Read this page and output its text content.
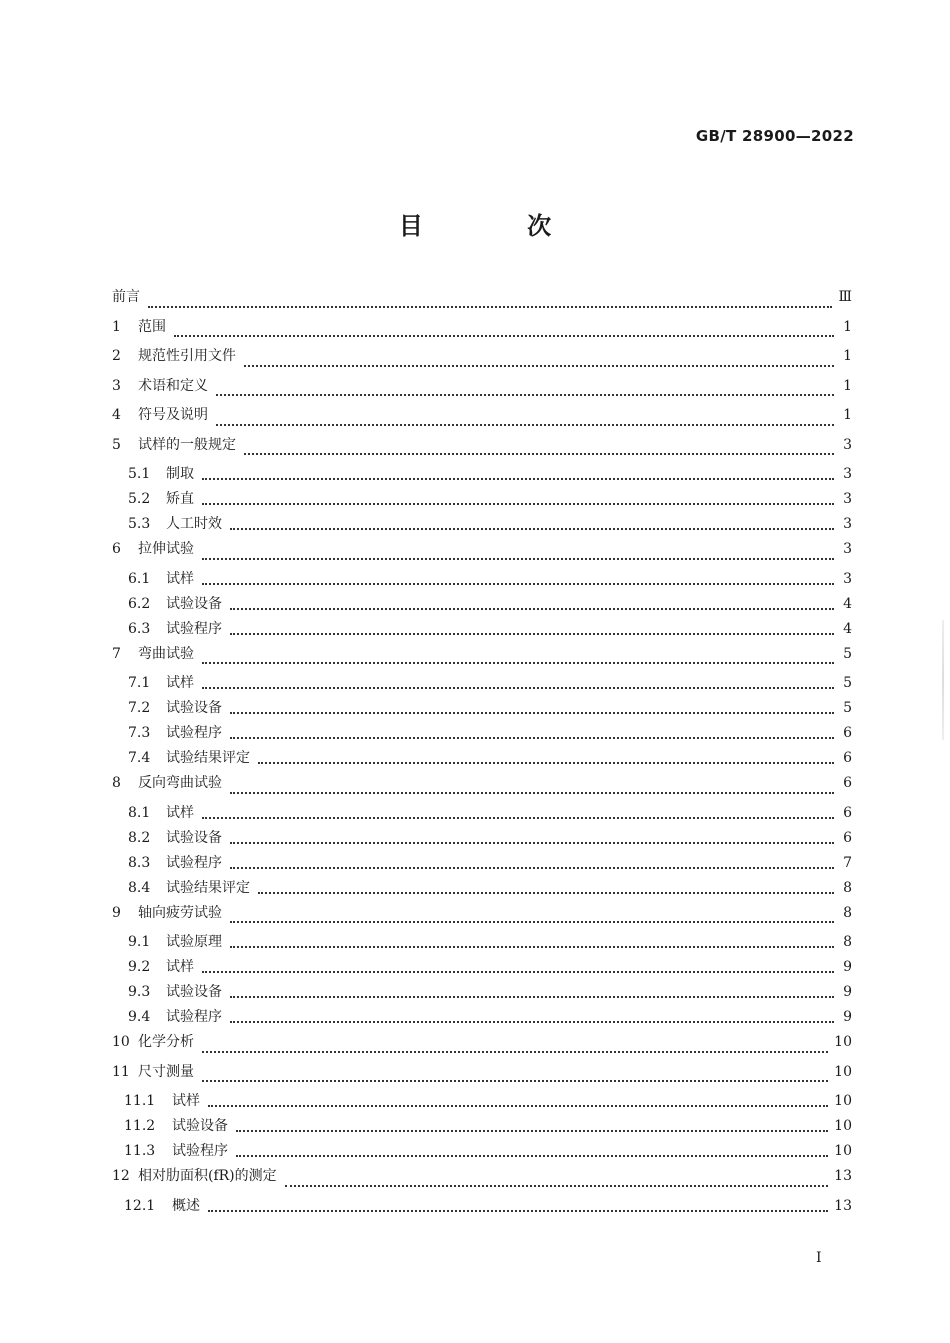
GB/T 28900—2022
目 次
前言	Ⅲ
1	范围	1
2	规范性引用文件	1
3	术语和定义	1
4	符号及说明	1
5	试样的一般规定	3
5.1	制取	3
5.2	矫直	3
5.3	人工时效	3
6	拉伸试验	3
6.1	试样	3
6.2	试验设备	4
6.3	试验程序	4
7	弯曲试验	5
7.1	试样	5
7.2	试验设备	5
7.3	试验程序	6
7.4	试验结果评定	6
8	反向弯曲试验	6
8.1	试样	6
8.2	试验设备	6
8.3	试验程序	7
8.4	试验结果评定	8
9	轴向疲劳试验	8
9.1	试验原理	8
9.2	试样	9
9.3	试验设备	9
9.4	试验程序	9
10 化学分析	10
11 尺寸测量	10
11.1	试样	10
11.2	试验设备	10
11.3	试验程序	10
12 相对肋面积(fR)的测定	13
12.1	概述	13
I
